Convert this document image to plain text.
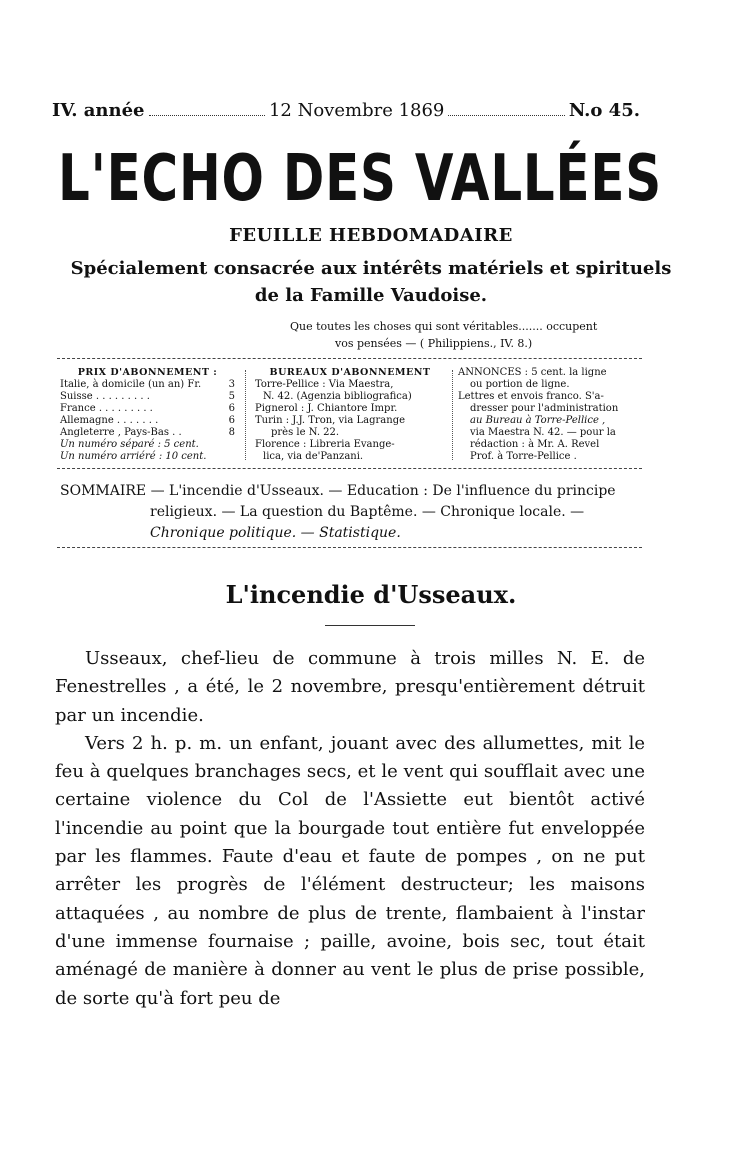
IV. année	12 Novembre 1869	N.o 45.
L'ECHO DES VALLÉES
FEUILLE HEBDOMADAIRE
Spécialement consacrée aux intérêts matériels et spirituels
de la Famille Vaudoise.
Que toutes les choses qui sont véritables....... occupent
vos pensées — ( Philippiens., IV. 8.)
PRIX D'ABONNEMENT :
Italie, à domicile (un an) Fr.	3
Suisse . . . . . . . . .	5
France . . . . . . . . .	6
Allemagne . . . . . . .	6
Angleterre , Pays-Bas . .	8
Un numéro séparé : 5 cent.
Un numéro arriéré : 10 cent.
BUREAUX D'ABONNEMENT
Torre-Pellice : Via Maestra,
N. 42. (Agenzia bibliografica)
Pignerol : J. Chiantore Impr.
Turin : J.J. Tron, via Lagrange
près le N. 22.
Florence : Libreria Evange-
lica, via de'Panzani.
ANNONCES : 5 cent. la ligne
ou portion de ligne.
Lettres et envois franco. S'a-
dresser pour l'administration
au Bureau à Torre-Pellice ,
via Maestra N. 42. — pour la
rédaction : à Mr. A. Revel
Prof. à Torre-Pellice .
SOMMAIRE — L'incendie d'Usseaux. — Education : De l'influence du principe
religieux. — La question du Baptême. — Chronique locale. —
Chronique politique. — Statistique.
L'incendie d'Usseaux.

Usseaux, chef-lieu de commune à trois milles N. E. de Fenestrelles , a été, le 2 novembre, presqu'entièrement détruit par un incendie.

Vers 2 h. p. m. un enfant, jouant avec des allumettes, mit le feu à quelques branchages secs, et le vent qui soufflait avec une certaine violence du Col de l'Assiette eut bientôt activé l'incendie au point que la bourgade tout entière fut enveloppée par les flammes. Faute d'eau et faute de pompes , on ne put arrêter les progrès de l'élément destructeur; les maisons attaquées , au nombre de plus de trente, flambaient à l'instar d'une immense fournaise ; paille, avoine, bois sec, tout était aménagé de manière à donner au vent le plus de prise possible, de sorte qu'à fort peu de
